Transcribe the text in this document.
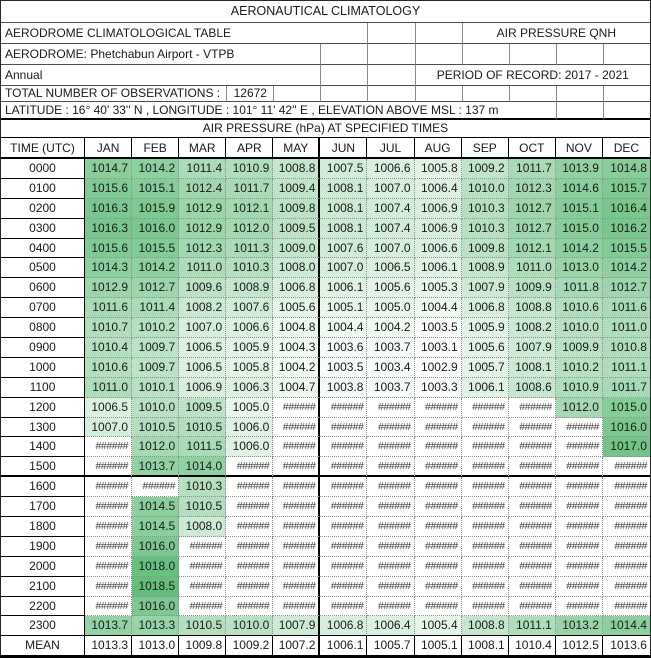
AERONAUTICAL CLIMATOLOGY
AERODROME CLIMATOLOGICAL TABLE	AIR PRESSURE QNH
AERODROME: Phetchabun Airport - VTPB
Annual	PERIOD OF RECORD: 2017 - 2021
TOTAL NUMBER OF OBSERVATIONS :	12672
LATITUDE : 16° 40' 33'' N , LONGITUDE : 101° 11' 42'' E , ELEVATION ABOVE MSL : 137 m
AIR PRESSURE (hPa) AT SPECIFIED TIMES
TIME (UTC)	JAN	FEB	MAR	APR	MAY	JUN	JUL	AUG	SEP	OCT	NOV	DEC
0000	1014.7 1014.2 1011.4 1010.9 1008.8 1007.5 1006.6 1005.8 1009.2 1011.7 1013.9 1014.8
0100	1015.6 1015.1 1012.4 1011.7 1009.4 1008.1 1007.0 1006.4 1010.0 1012.3 1014.6 1015.7
0200	1016.3 1015.9 1012.9 1012.1 1009.8 1008.1 1007.4 1006.9 1010.3 1012.7 1015.1 1016.4
0300	1016.3 1016.0 1012.9 1012.0 1009.5 1008.1 1007.4 1006.9 1010.3 1012.7 1015.0 1016.2
0400	1015.6 1015.5 1012.3 1011.3 1009.0 1007.6 1007.0 1006.6 1009.8 1012.1 1014.2 1015.5
0500	1014.3 1014.2 1011.0 1010.3 1008.0 1007.0 1006.5 1006.1 1008.9 1011.0 1013.0 1014.2
0600	1012.9 1012.7 1009.6 1008.9 1006.8 1006.1 1005.6 1005.3 1007.9 1009.9 1011.8 1012.7
0700	1011.6 1011.4 1008.2 1007.6 1005.6 1005.1 1005.0 1004.4 1006.8 1008.8 1010.6	1011.6
0800	1010.7 1010.2 1007.0 1006.6 1004.8 1004.4 1004.2 1003.5 1005.9 1008.2 1010.0	1011.0
0900	1010.4 1009.7 1006.5 1005.9 1004.3 1003.6 1003.7 1003.1 1005.6 1007.9 1009.9 1010.8
1000	1010.6 1009.7 1006.5 1005.8 1004.2 1003.5 1003.4 1002.9 1005.7 1008.1 1010.2	1011.1
1100	1011.0 1010.1 1006.9 1006.3 1004.7 1003.8 1003.7 1003.3 1006.1 1008.6 1010.9	1011.7
1200	1006.5 1010.0 1009.5 1005.0	######	######	######	######	######	###### 1012.0 1015.0
1300	1007.0 1010.5 1010.5 1006.0	######	######	######	######	######	######	###### 1016.0
1400	###### 1012.0 1011.5 1006.0	######	######	######	######	######	######	###### 1017.0
1500	###### 1013.7 1014.0	######	######	######	######	######	######	######	######	######
1600	######	###### 1010.3	######	######	######	######	######	######	######	######	######
1700	###### 1014.5 1010.5	######	######	######	######	######	######	######	######	######
1800	###### 1014.5 1008.0	######	######	######	######	######	######	######	######	######
1900	###### 1016.0	######	######	######	######	######	######	######	######	######	######
2000	###### 1018.0	######	######	######	######	######	######	######	######	######	######
2100	###### 1018.5	######	######	######	######	######	######	######	######	######	######
2200	###### 1016.0	######	######	######	######	######	######	######	######	######	######
2300	1013.7 1013.3 1010.5 1010.0 1007.9 1006.8 1006.4 1005.4 1008.8 1011.1 1013.2 1014.4
MEAN	1013.3 1013.0 1009.8 1009.2 1007.2 1006.1 1005.7 1005.1 1008.1 1010.4 1012.5 1013.6
